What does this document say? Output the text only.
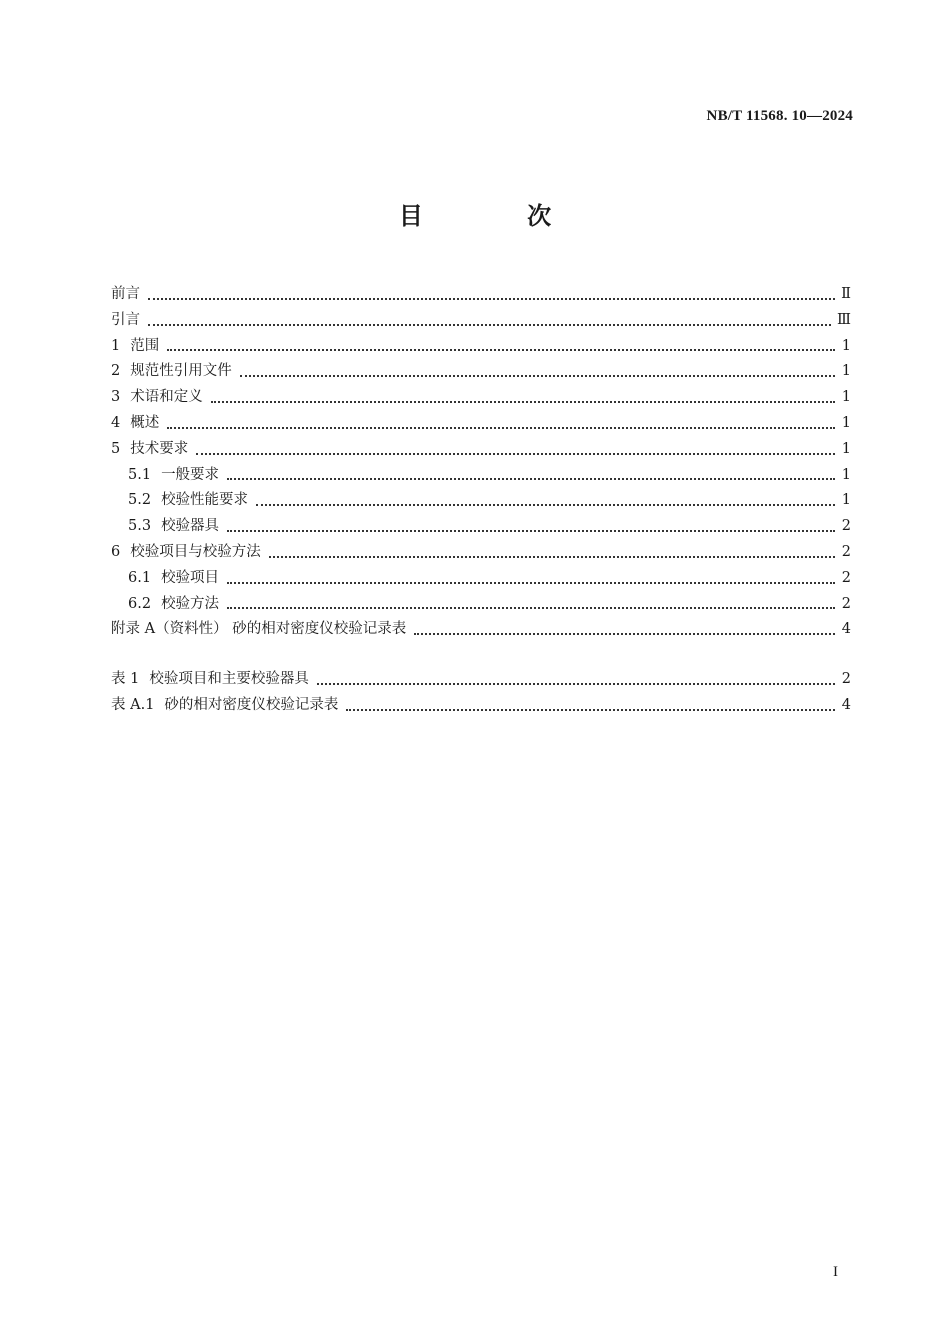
NB/T 11568. 10—2024
目 次
前言	Ⅱ
引言	Ⅲ
1 范围	1
2 规范性引用文件	1
3 术语和定义	1
4 概述	1
5 技术要求	1
5.1 一般要求	1
5.2 校验性能要求	1
5.3 校验器具	2
6 校验项目与校验方法	2
6.1 校验项目	2
6.2 校验方法	2
附录 A（资料性） 砂的相对密度仪校验记录表	4
表 1 校验项目和主要校验器具	2
表 A.1 砂的相对密度仪校验记录表	4
I
